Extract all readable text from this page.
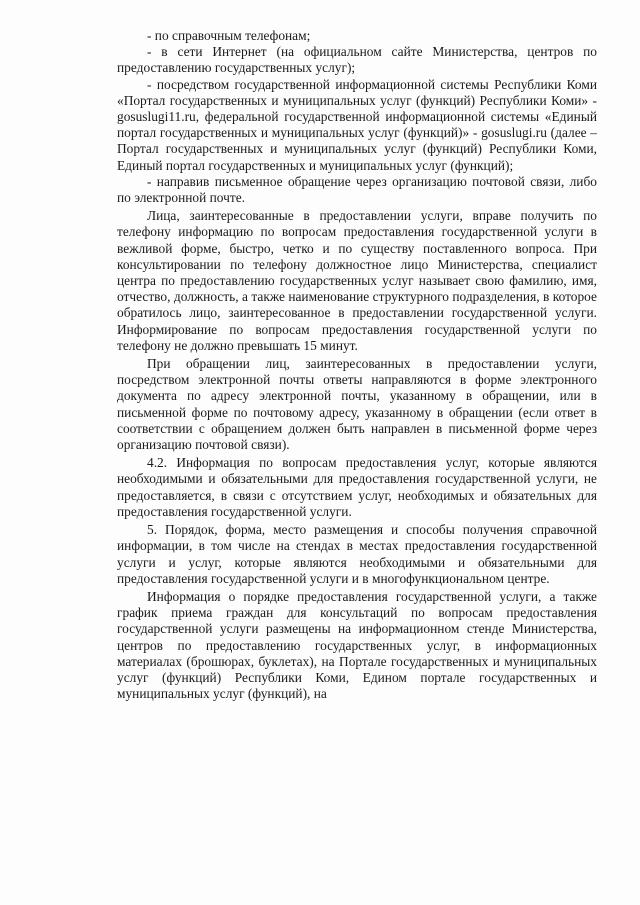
- по справочным телефонам;

- в сети Интернет (на официальном сайте Министерства, центров по предоставлению государственных услуг);

- посредством государственной информационной системы Республики Коми «Портал государственных и муниципальных услуг (функций) Республики Коми» - gosuslugi11.ru, федеральной государственной информационной системы «Единый портал государственных и муниципальных услуг (функций)» - gosuslugi.ru (далее – Портал государственных и муниципальных услуг (функций) Республики Коми, Единый портал государственных и муниципальных услуг (функций);

- направив письменное обращение через организацию почтовой связи, либо по электронной почте.

Лица, заинтересованные в предоставлении услуги, вправе получить по телефону информацию по вопросам предоставления государственной услуги в вежливой форме, быстро, четко и по существу поставленного вопроса. При консультировании по телефону должностное лицо Министерства, специалист центра по предоставлению государственных услуг называет свою фамилию, имя, отчество, должность, а также наименование структурного подразделения, в которое обратилось лицо, заинтересованное в предоставлении государственной услуги. Информирование по вопросам предоставления государственной услуги по телефону не должно превышать 15 минут.

При обращении лиц, заинтересованных в предоставлении услуги, посредством электронной почты ответы направляются в форме электронного документа по адресу электронной почты, указанному в обращении, или в письменной форме по почтовому адресу, указанному в обращении (если ответ в соответствии с обращением должен быть направлен в письменной форме через организацию почтовой связи).

4.2. Информация по вопросам предоставления услуг, которые являются необходимыми и обязательными для предоставления государственной услуги, не предоставляется, в связи с отсутствием услуг, необходимых и обязательных для предоставления государственной услуги.

5. Порядок, форма, место размещения и способы получения справочной информации, в том числе на стендах в местах предоставления государственной услуги и услуг, которые являются необходимыми и обязательными для предоставления государственной услуги и в многофункциональном центре.

Информация о порядке предоставления государственной услуги, а также график приема граждан для консультаций по вопросам предоставления государственной услуги размещены на информационном стенде Министерства, центров по предоставлению государственных услуг, в информационных материалах (брошюрах, буклетах), на Портале государственных и муниципальных услуг (функций) Республики Коми, Едином портале государственных и муниципальных услуг (функций), на
